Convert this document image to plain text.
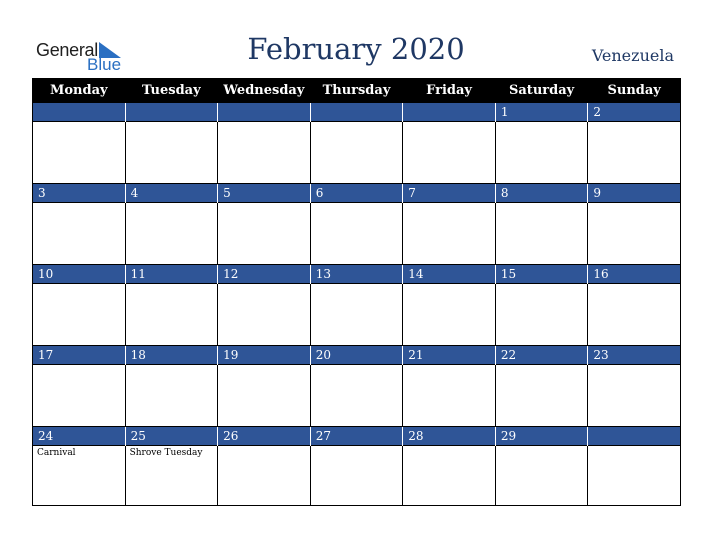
General
Blue	February 2020	Venezuela
Monday	Tuesday	Wednesday	Thursday	Friday	Saturday	Sunday
					1	2

3	4	5	6	7	8	9

10	11	12	13	14	15	16

17	18	19	20	21	22	23

24	25	26	27	28	29	
Carnival	Shrove Tuesday					
